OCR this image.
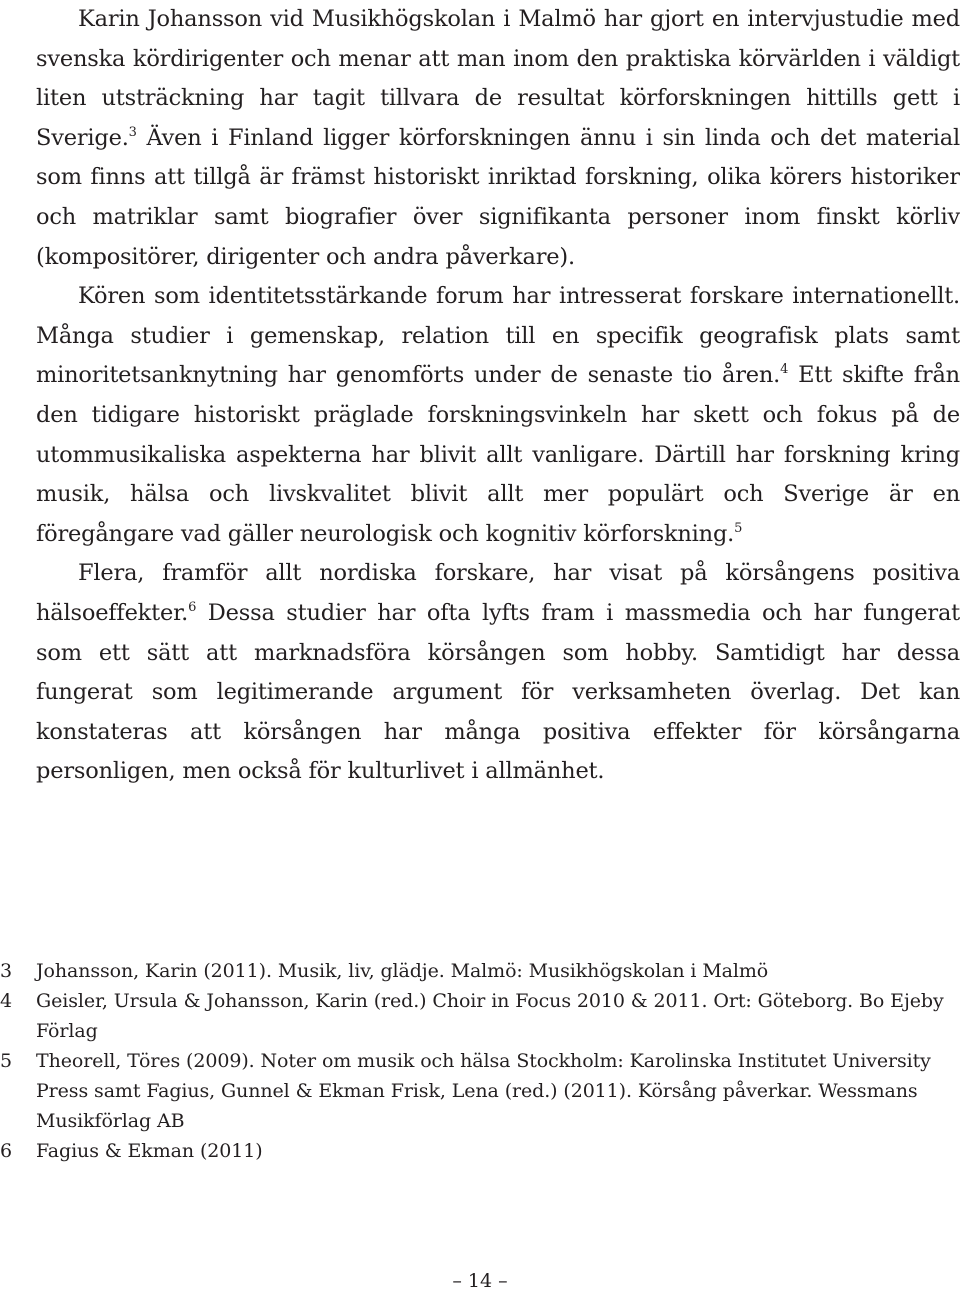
Karin Johansson vid Musikhögskolan i Malmö har gjort en intervjustudie med svenska kördirigenter och menar att man inom den praktiska körvärlden i väldigt liten utsträckning har tagit tillvara de resultat körforskningen hittills gett i Sverige.$^3$ Även i Finland ligger körforskningen ännu i sin linda och det material som finns att tillgå är främst historiskt inriktad forskning, olika körers historiker och matriklar samt biografier över signifikanta personer inom finskt körliv (kompositörer, dirigenter och andra påverkare).

Kören som identitetsstärkande forum har intresserat forskare internationellt. Många studier i gemenskap, relation till en specifik geografisk plats samt minoritetsanknytning har genomförts under de senaste tio åren.$^4$ Ett skifte från den tidigare historiskt präglade forskningsvinkeln har skett och fokus på de utommusikaliska aspekterna har blivit allt vanligare. Därtill har forskning kring musik, hälsa och livskvalitet blivit allt mer populärt och Sverige är en föregångare vad gäller neurologisk och kognitiv körforskning.$^5$

Flera, framför allt nordiska forskare, har visat på körsångens positiva hälsoeffekter.$^6$ Dessa studier har ofta lyfts fram i massmedia och har fungerat som ett sätt att marknadsföra körsången som hobby. Samtidigt har dessa fungerat som legitimerande argument för verksamheten överlag. Det kan konstateras att körsången har många positiva effekter för körsångarna personligen, men också för kulturlivet i allmänhet.

3	Johansson, Karin (2011). Musik, liv, glädje. Malmö: Musikhögskolan i Malmö
4	Geisler, Ursula & Johansson, Karin (red.) Choir in Focus 2010 & 2011. Ort: Göteborg. Bo Ejeby Förlag
5	Theorell, Töres (2009). Noter om musik och hälsa Stockholm: Karolinska Institutet University Press samt Fagius, Gunnel & Ekman Frisk, Lena (red.) (2011). Körsång påverkar. Wessmans Musikförlag AB
6	Fagius & Ekman (2011)
– 14 –
